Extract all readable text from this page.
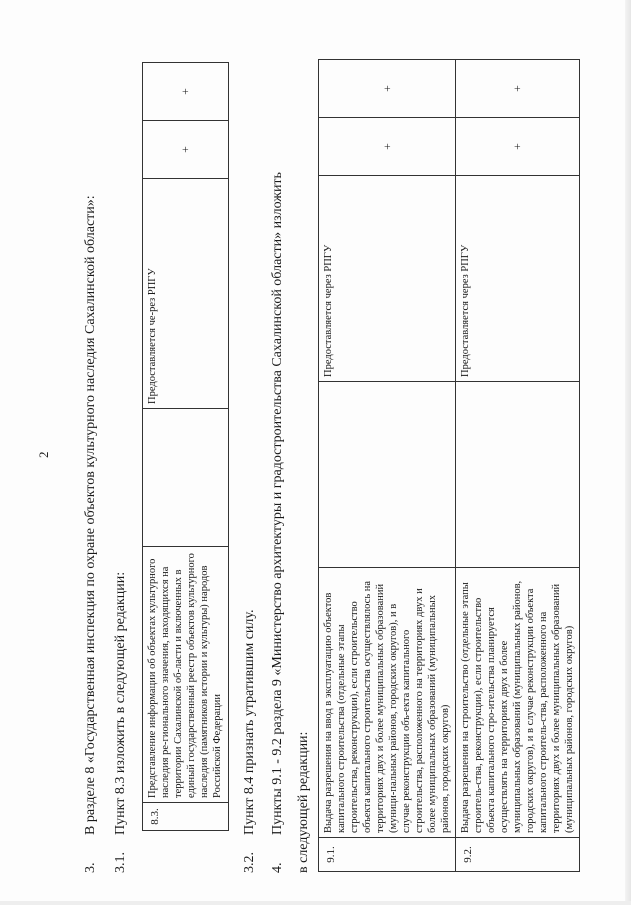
2
3.
В разделе 8 «Государственная инспекция по охране объектов культурного наследия Сахалинской области»:
3.1.
Пункт 8.3 изложить в следующей редакции: 8.3.	Представление информации об объектах культурного наследия ре-гионального значения, находящихся на территории Сахалинской об-ласти и включенных в единый государственный реестр объектов культурного наследия (памятников истории и культуры) народов Российской Федерации		Предоставляется че-рез РПГУ	+	+
3.2.
Пункт 8.4 признать утратившим силу.
4.
Пункты 9.1 - 9.2 раздела 9 «Министерство архитектуры и градостроительства Сахалинской области» изложить в следующей редакции: 9.1.	Выдача разрешения на ввод в эксплуатацию объектов капитального строительства (отдельные этапы строительства, реконструкции), если строительство объекта капитального строительства осуществлялось на территориях двух и более муниципальных образований (муници-пальных районов, городских округов), и в случае реконструкции объ-екта капитального строительства, расположенного на территориях двух и более муниципальных образований (муниципальных районов, городских округов)		Предоставляется через РПГУ	+	+
9.2.	Выдача разрешения на строительство (отдельные этапы строитель-ства, реконструкции), если строительство объекта капитального стро-ительства планируется осуществлять на территориях двух и более муниципальных образований (муниципальных районов, городских округов), и в случае реконструкции объекта капитального строитель-ства, расположенного на территориях двух и более муниципальных образований (муниципальных районов, городских округов)		Предоставляется через РПГУ	+	+
